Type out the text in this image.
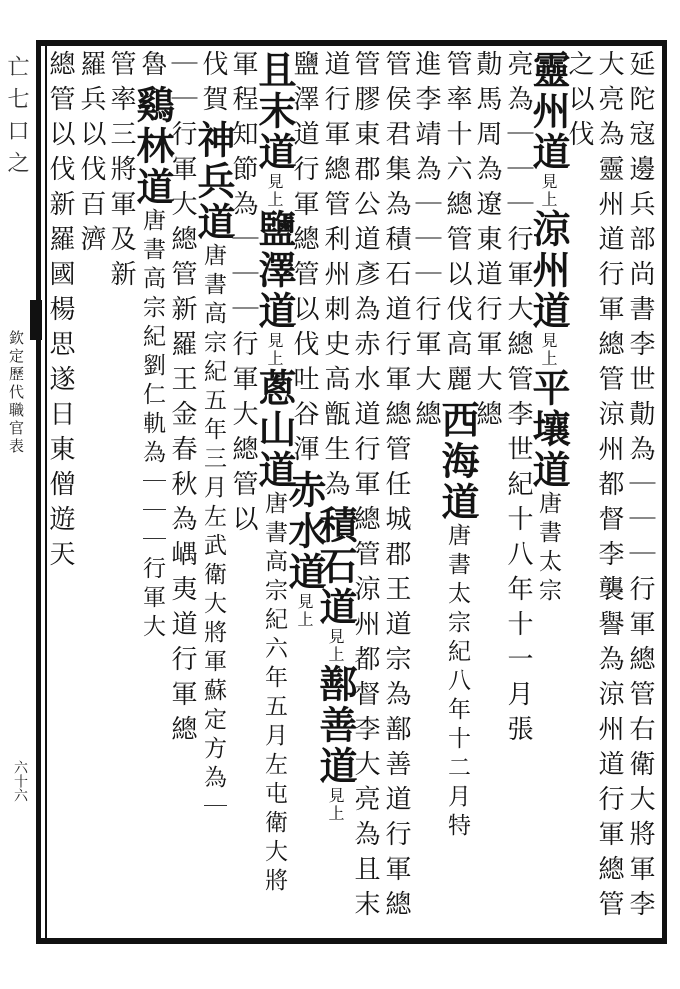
亡七口之
欽定歷代職官表
六十六	延陀寇邊兵部尚書李世勣為｜｜｜行軍總管右衛大將軍李
大亮為靈州道行軍總管涼州都督李襲譽為涼州道行軍總管
之以伐
靈州道見上涼州道見上平壤道唐書太宗
亮為｜｜｜行軍大總管李世紀十八年十一月張
勣馬周為遼東道行軍大總
管率十六總管以伐高麗西海道唐書太宗紀八年十二月特
進李靖為｜｜｜行軍大總
管侯君集為積石道行軍總管任城郡王道宗為鄯善道行軍總
管膠東郡公道彥為赤水道行軍總管涼州都督李大亮為且末
道行軍總管利州刺史高甑生為積石道見上鄯善道見上
鹽澤道行軍總管以伐吐谷渾赤水道見上
且末道見上鹽澤道見上蔥山道唐書高宗紀六年五月左屯衛大將
軍程知節為｜｜｜行軍大總管以
伐賀神兵道唐書高宗紀五年三月左武衛大將軍蘇定方為｜
｜｜行軍大總管新羅王金春秋為嵎夷道行軍總
魯鷄林道唐書高宗紀劉仁軌為｜｜｜行軍大
管率三將軍及新
羅兵以伐百濟
總管以伐新羅國楊思遂日東僧遊天
